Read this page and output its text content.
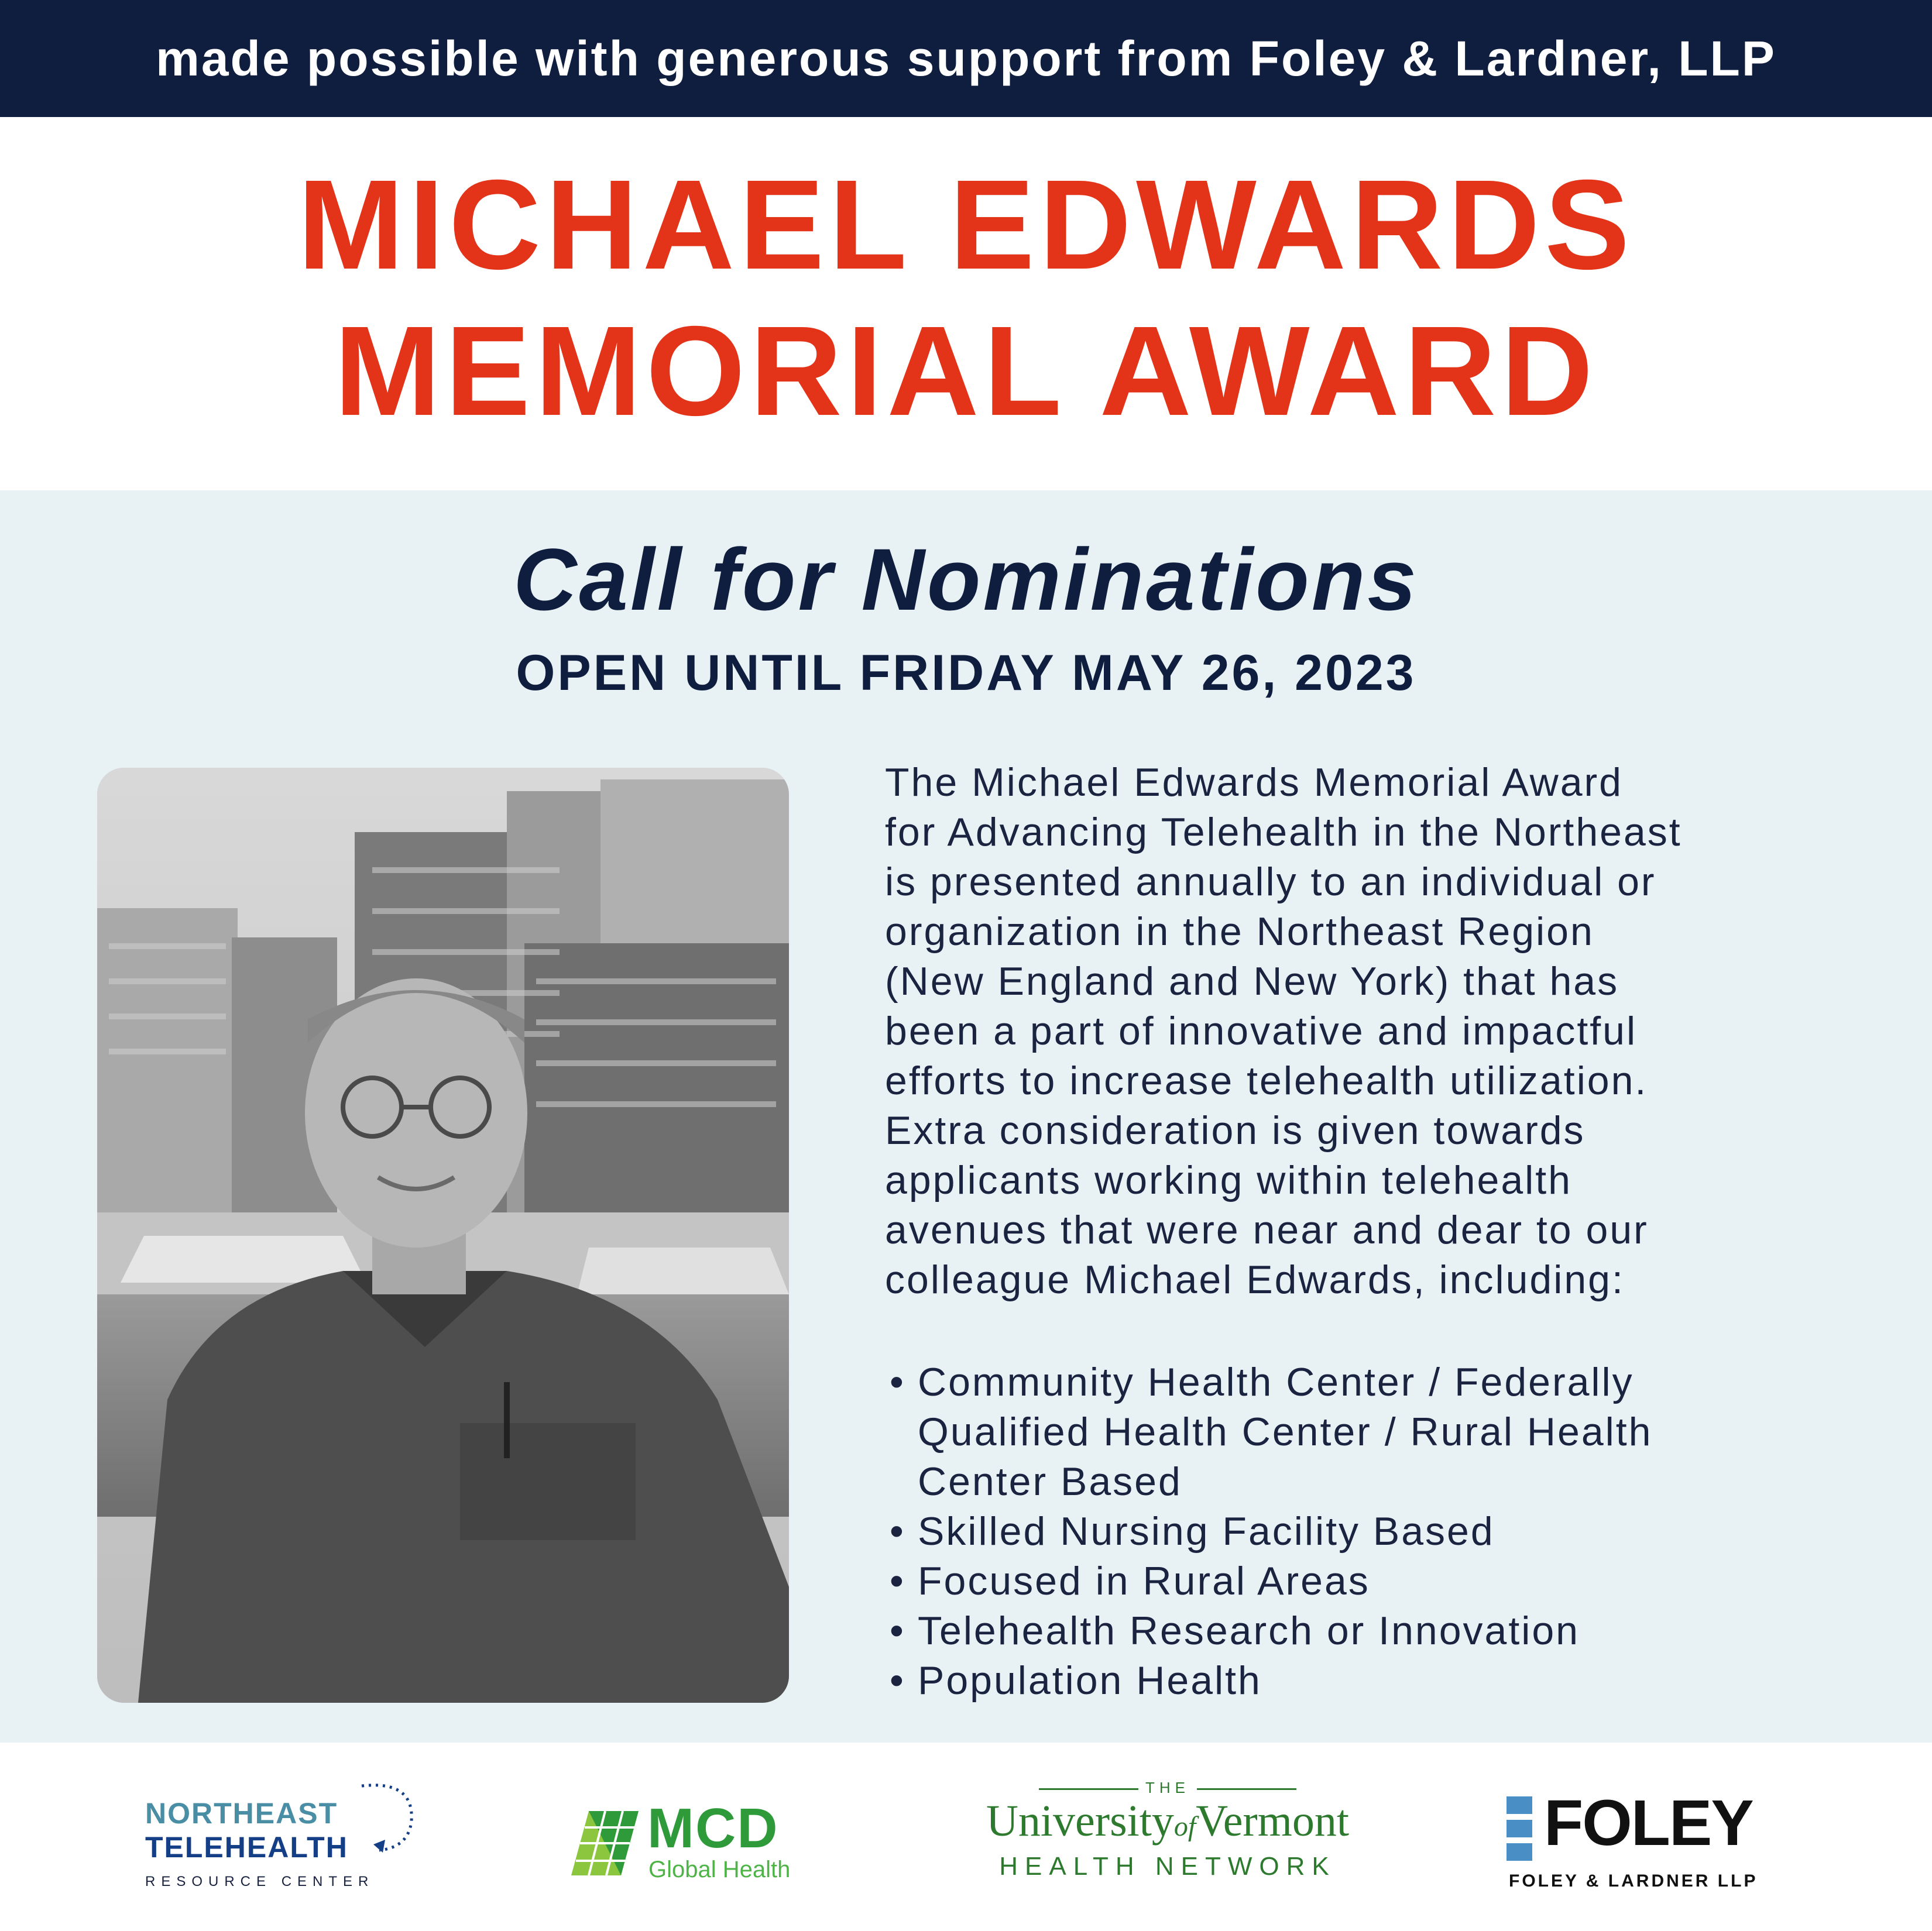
made possible with generous support from Foley & Lardner, LLP
MICHAEL EDWARDS
MEMORIAL AWARD
Call for Nominations
OPEN UNTIL FRIDAY MAY 26, 2023
The Michael Edwards Memorial Award
for Advancing Telehealth in the Northeast
is presented annually to an individual or
organization in the Northeast Region
(New England and New York) that has
been a part of innovative and impactful
efforts to increase telehealth utilization.
Extra consideration is given towards
applicants working within telehealth
avenues that were near and dear to our
colleague Michael Edwards, including:
• Community Health Center / Federally
Qualified Health Center / Rural Health
Center Based
• Skilled Nursing Facility Based
• Focused in Rural Areas
• Telehealth Research or Innovation
• Population Health
NORTHEAST
TELEHEALTH
RESOURCE CENTER
MCD
Global Health
THE
UniversityofVermont
HEALTH NETWORK
FOLEY
FOLEY & LARDNER LLP
